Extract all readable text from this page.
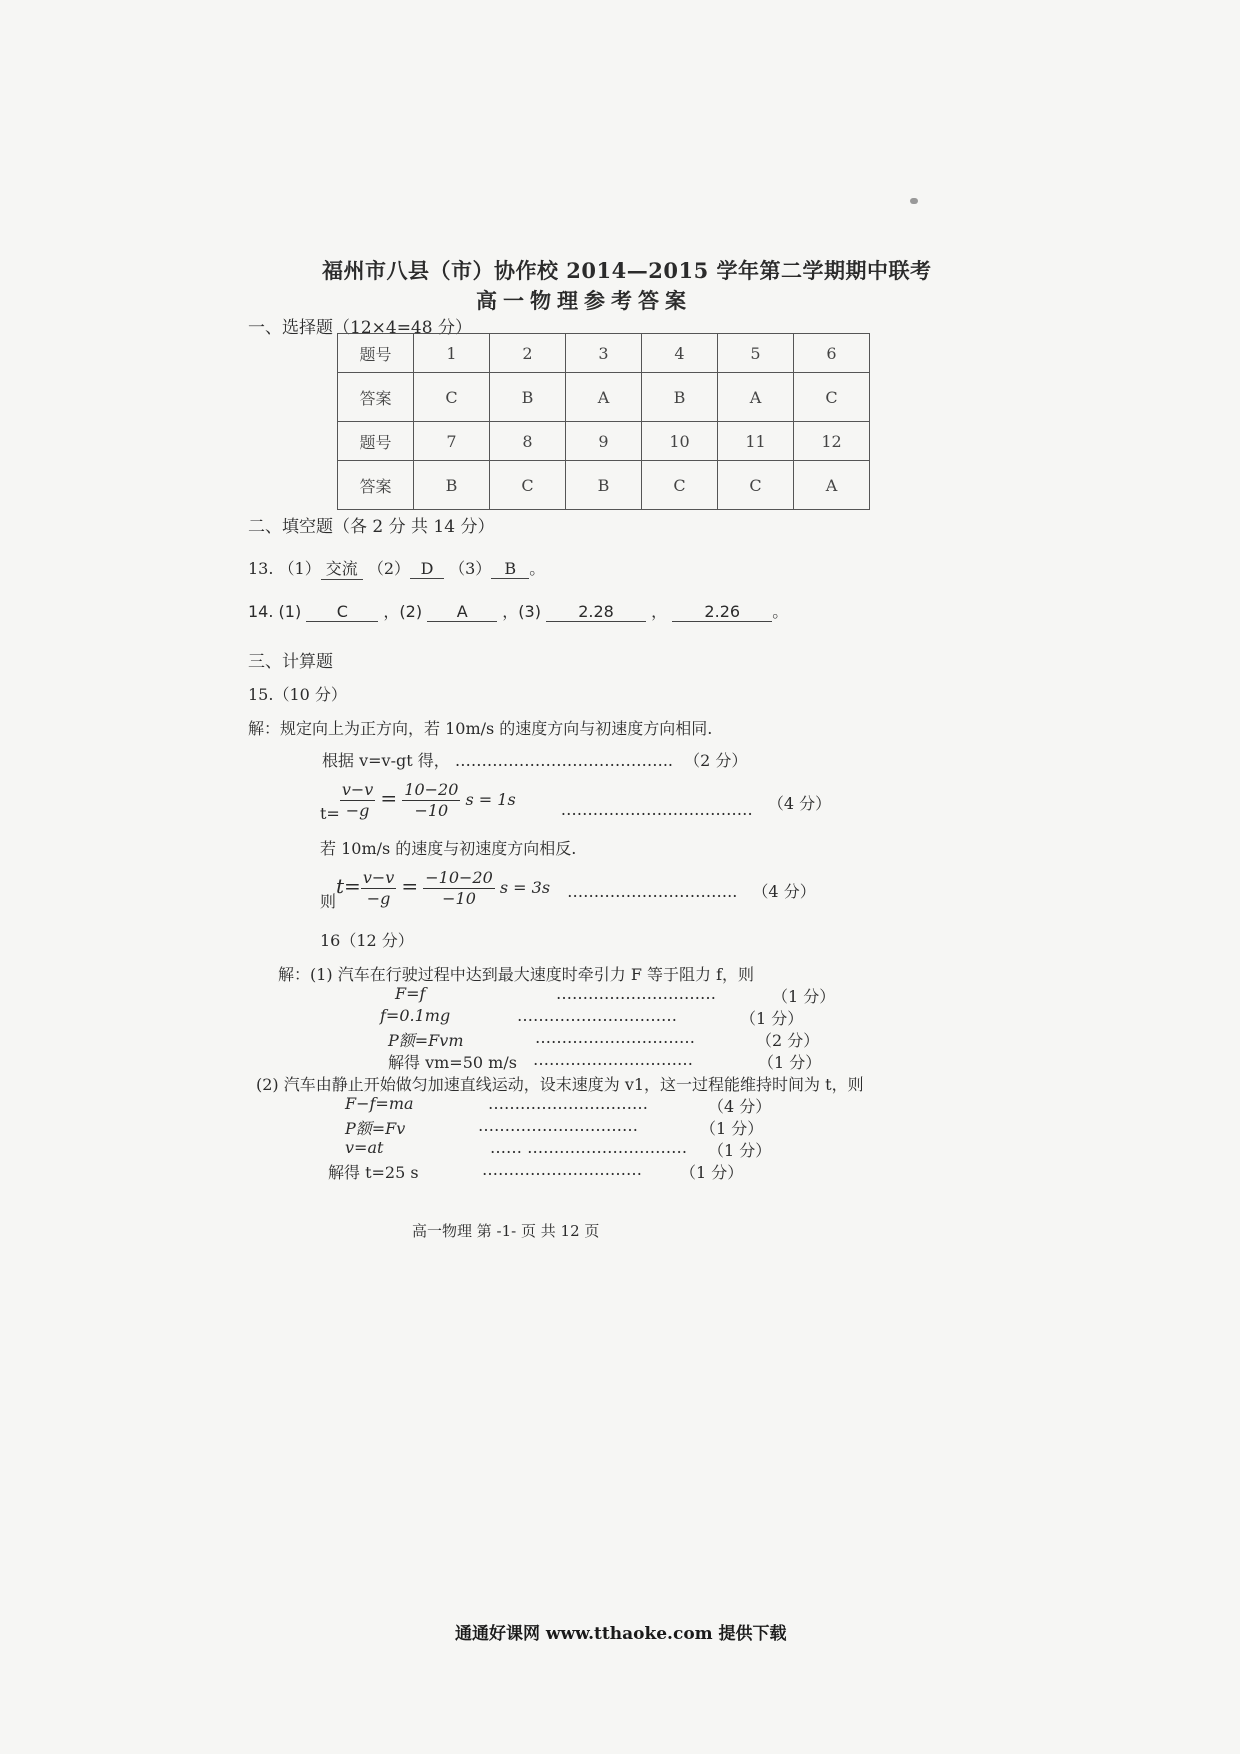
福州市八县（市）协作校 2014—2015 学年第二学期期中联考
高一物理参考答案
一、选择题（12×4=48 分）
题号	1	2	3	4	5	6
答案	C	B	A	B	A	C
题号	7	8	9	10	11	12
答案	B	C	B	C	C	A
二、填空题（各 2 分 共 14 分）
13. （1） 交流 （2） D （3） B 。
14. (1) C ，(2) A ，(3) 2.28 ， 2.26 。
三、计算题
15.（10 分）
解：规定向上为正方向，若 10m/s 的速度方向与初速度方向相同.
根据 v=v-gt 得， ………………………………….. （2 分）
$t= \frac{v-v}{-g} = \frac{10-20}{-10}$ s = 1s ……………………………… （4 分）
若 10m/s 的速度与初速度方向相反.
则$t= \frac{v-v}{-g} = \frac{-10-20}{-10}$ s = 3s ………………………….. （4 分）
16（12 分）
解：(1) 汽车在行驶过程中达到最大速度时牵引力 F 等于阻力 f，则
F=f	…………………………	（1 分）
f=0.1mg	…………………………	（1 分）
P额=Fvm	…………………………	（2 分）
解得 vm=50 m/s …………………………	（1 分）
(2) 汽车由静止开始做匀加速直线运动，设末速度为 v1，这一过程能维持时间为 t，则
F−f=ma	…………………………	（4 分）
P额=Fv	…………………………	（1 分）
v=at	…… ………………………… （1 分）
解得 t=25 s	………………………… （1 分）
高一物理 第 -1- 页 共 12 页
通通好课网 www.tthaoke.com 提供下载
